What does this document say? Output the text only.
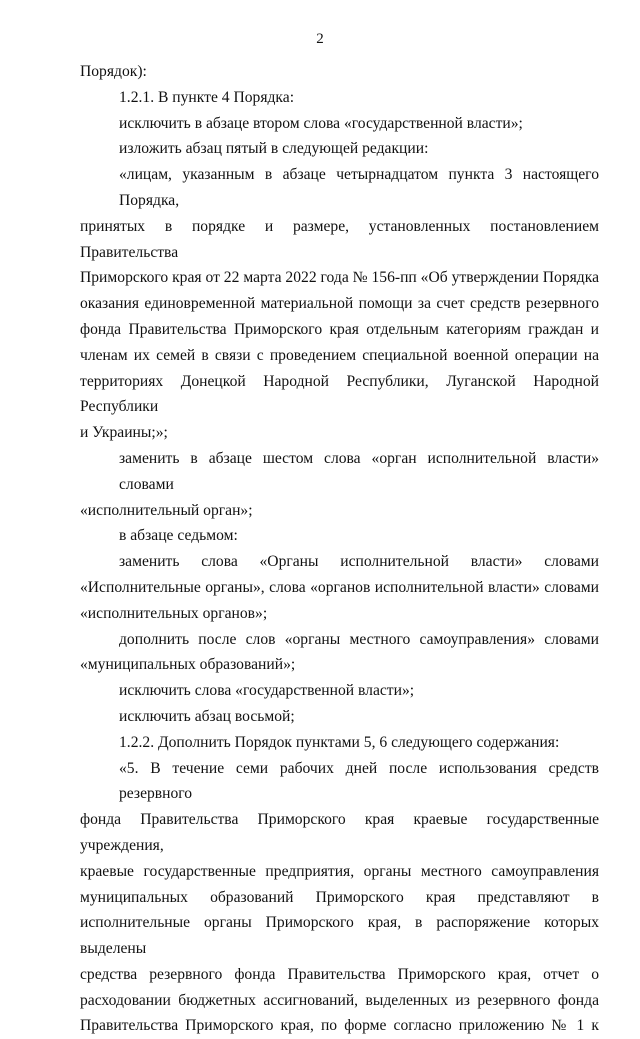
2

Порядок):

1.2.1. В пункте 4 Порядка:

исключить в абзаце втором слова «государственной власти»;

изложить абзац пятый в следующей редакции:

«лицам, указанным в абзаце четырнадцатом пункта 3 настоящего Порядка,

принятых в порядке и размере, установленных постановлением Правительства

Приморского края от 22 марта 2022 года № 156-пп «Об утверждении Порядка

оказания единовременной материальной помощи за счет средств резервного

фонда Правительства Приморского края отдельным категориям граждан и

членам их семей в связи с проведением специальной военной операции на

территориях Донецкой Народной Республики, Луганской Народной Республики

и Украины;»;

заменить в абзаце шестом слова «орган исполнительной власти» словами

«исполнительный орган»;

в абзаце седьмом:

заменить слова «Органы исполнительной власти» словами

«Исполнительные органы», слова «органов исполнительной власти» словами

«исполнительных органов»;

дополнить после слов «органы местного самоуправления» словами

«муниципальных образований»;

исключить слова «государственной власти»;

исключить абзац восьмой;

1.2.2. Дополнить Порядок пунктами 5, 6 следующего содержания:

«5. В течение семи рабочих дней после использования средств резервного

фонда Правительства Приморского края краевые государственные учреждения,

краевые государственные предприятия, органы местного самоуправления

муниципальных образований Приморского края представляют в

исполнительные органы Приморского края, в распоряжение которых выделены

средства резервного фонда Правительства Приморского края, отчет о

расходовании бюджетных ассигнований, выделенных из резервного фонда

Правительства Приморского края, по форме согласно приложению № 1 к
